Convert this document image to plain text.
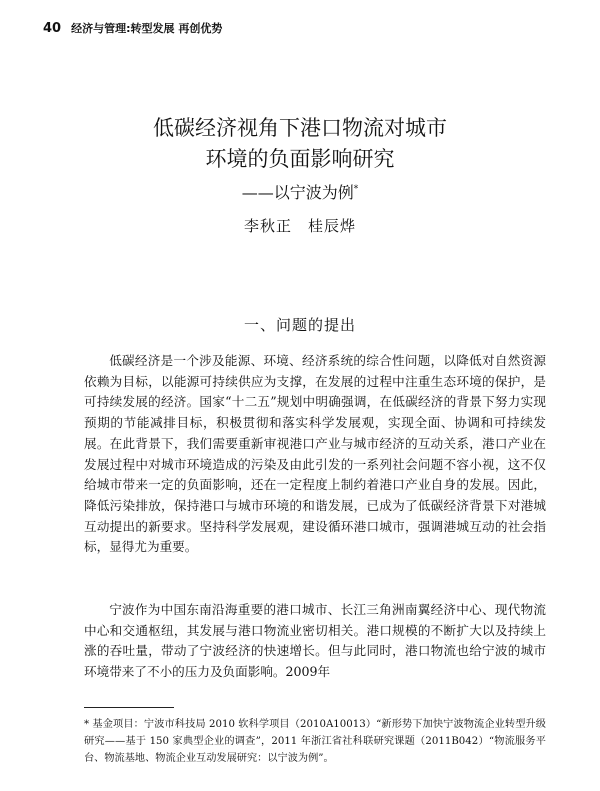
40 经济与管理:转型发展 再创优势
低碳经济视角下港口物流对城市
环境的负面影响研究
——以宁波为例*
李秋正　桂辰烨
一、问题的提出

低碳经济是一个涉及能源、环境、经济系统的综合性问题，以降低对自然资源依赖为目标，以能源可持续供应为支撑，在发展的过程中注重生态环境的保护，是可持续发展的经济。国家“十二五”规划中明确强调，在低碳经济的背景下努力实现预期的节能减排目标，积极贯彻和落实科学发展观，实现全面、协调和可持续发展。在此背景下，我们需要重新审视港口产业与城市经济的互动关系，港口产业在发展过程中对城市环境造成的污染及由此引发的一系列社会问题不容小视，这不仅给城市带来一定的负面影响，还在一定程度上制约着港口产业自身的发展。因此，降低污染排放，保持港口与城市环境的和谐发展，已成为了低碳经济背景下对港城互动提出的新要求。坚持科学发展观，建设循环港口城市，强调港城互动的社会指标，显得尤为重要。

宁波作为中国东南沿海重要的港口城市、长江三角洲南翼经济中心、现代物流中心和交通枢纽，其发展与港口物流业密切相关。港口规模的不断扩大以及持续上涨的吞吐量，带动了宁波经济的快速增长。但与此同时，港口物流也给宁波的城市环境带来了不小的压力及负面影响。2009年

* 基金项目：宁波市科技局 2010 软科学项目（2010A10013）“新形势下加快宁波物流企业转型升级研究——基于 150 家典型企业的调查”，2011 年浙江省社科联研究课题（2011B042）“物流服务平台、物流基地、物流企业互动发展研究：以宁波为例”。
